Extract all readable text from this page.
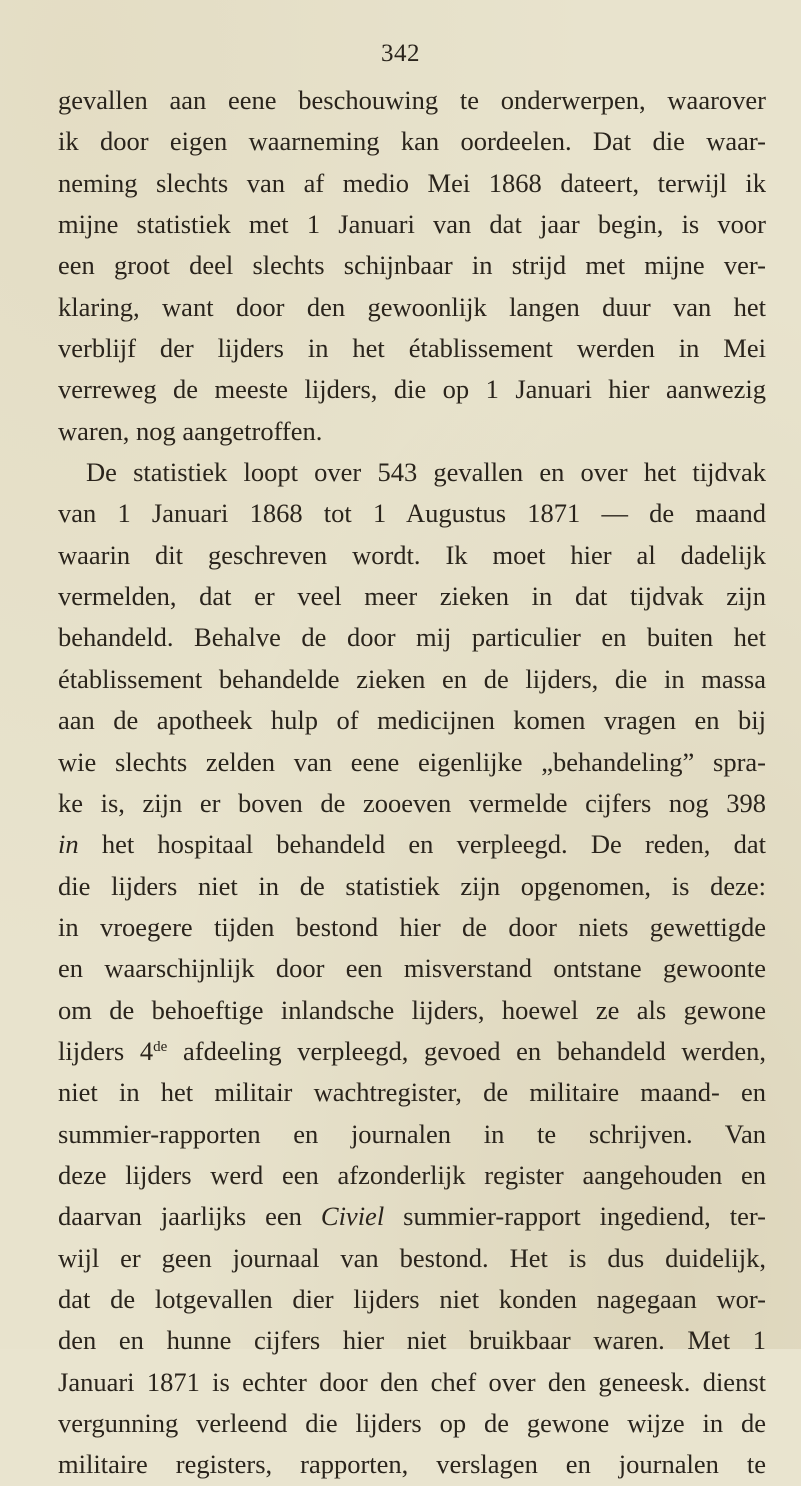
342
gevallen aan eene beschouwing te onderwerpen, waarover
ik door eigen waarneming kan oordeelen. Dat die waar-
neming slechts van af medio Mei 1868 dateert, terwijl ik
mijne statistiek met 1 Januari van dat jaar begin, is voor
een groot deel slechts schijnbaar in strijd met mijne ver-
klaring, want door den gewoonlijk langen duur van het
verblijf der lijders in het établissement werden in Mei
verreweg de meeste lijders, die op 1 Januari hier aanwezig
waren, nog aangetroffen.
De statistiek loopt over 543 gevallen en over het tijdvak
van 1 Januari 1868 tot 1 Augustus 1871 — de maand
waarin dit geschreven wordt. Ik moet hier al dadelijk
vermelden, dat er veel meer zieken in dat tijdvak zijn
behandeld. Behalve de door mij particulier en buiten het
établissement behandelde zieken en de lijders, die in massa
aan de apotheek hulp of medicijnen komen vragen en bij
wie slechts zelden van eene eigenlijke „behandeling” spra-
ke is, zijn er boven de zooeven vermelde cijfers nog 398
in het hospitaal behandeld en verpleegd. De reden, dat
die lijders niet in de statistiek zijn opgenomen, is deze:
in vroegere tijden bestond hier de door niets gewettigde
en waarschijnlijk door een misverstand ontstane gewoonte
om de behoeftige inlandsche lijders, hoewel ze als gewone
lijders 4de afdeeling verpleegd, gevoed en behandeld werden,
niet in het militair wachtregister, de militaire maand- en
summier-rapporten en journalen in te schrijven. Van
deze lijders werd een afzonderlijk register aangehouden en
daarvan jaarlijks een Civiel summier-rapport ingediend, ter-
wijl er geen journaal van bestond. Het is dus duidelijk,
dat de lotgevallen dier lijders niet konden nagegaan wor-
den en hunne cijfers hier niet bruikbaar waren. Met 1
Januari 1871 is echter door den chef over den geneesk. dienst
vergunning verleend die lijders op de gewone wijze in de
militaire registers, rapporten, verslagen en journalen te
